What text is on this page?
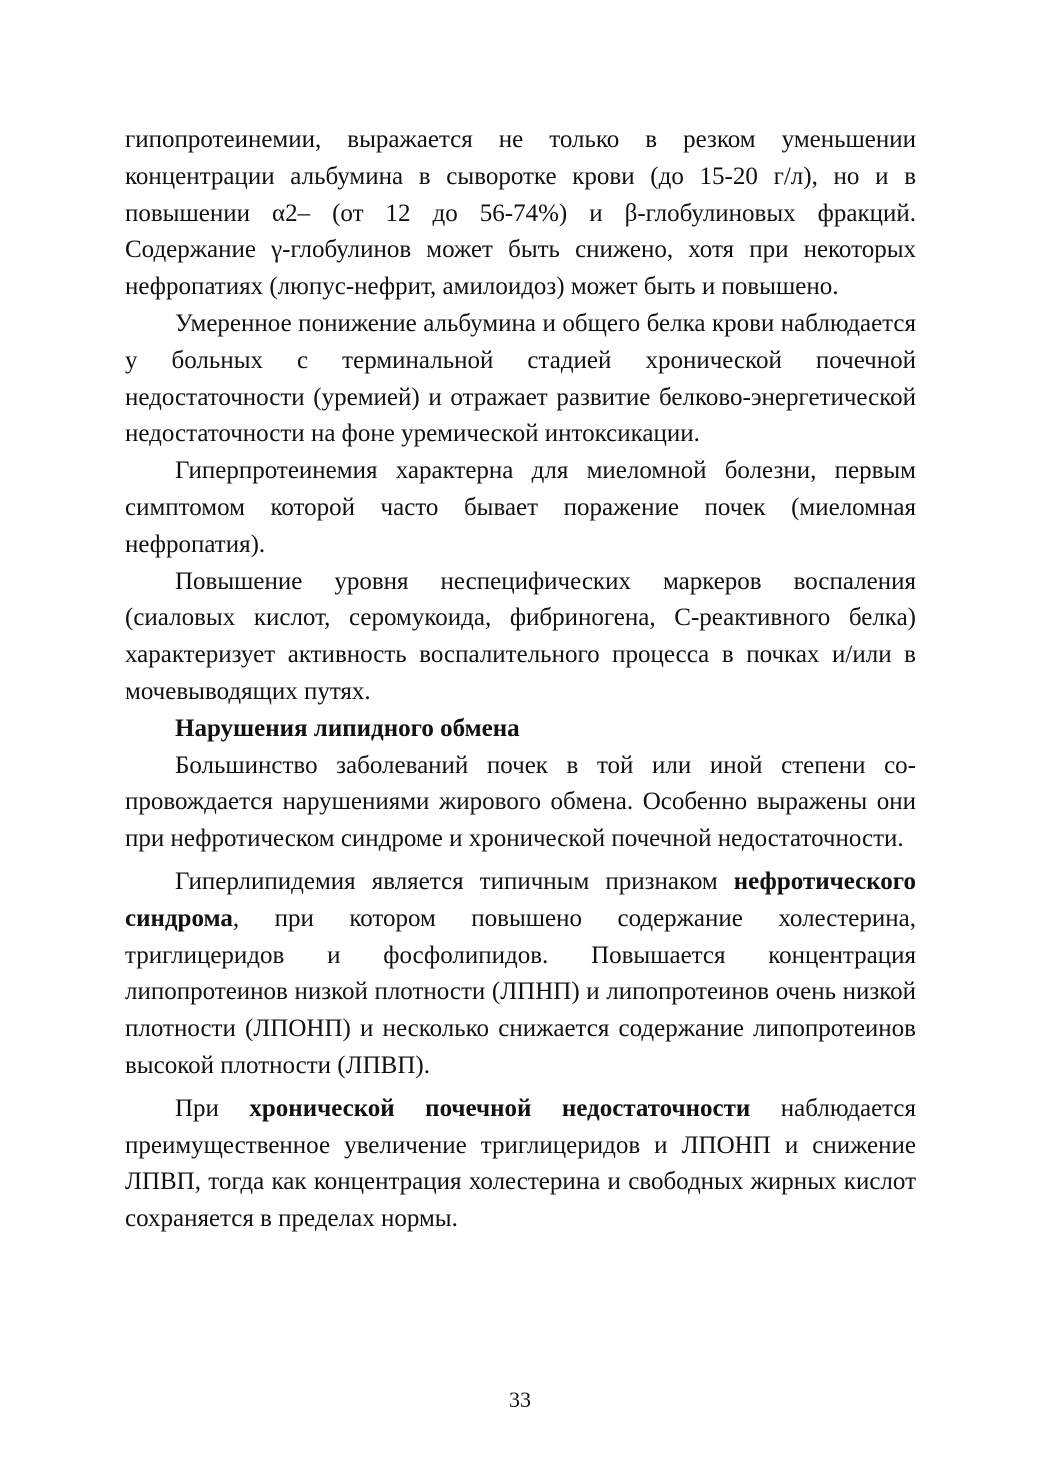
гипопротеинемии, выражается не только в резком уменьшении концентрации альбумина в сыворотке крови (до 15-20 г/л), но и в повышении α2– (от 12 до 56-74%) и β-глобулиновых фракций. Содержание γ-глобулинов может быть снижено, хотя при некоторых нефропатиях (люпус-нефрит, амилоидоз) может быть и повышено.

Умеренное понижение альбумина и общего белка крови наблюдается у больных с терминальной стадией хронической почечной недостаточности (уремией) и отражает развитие белково-энергетической недостаточности на фоне уремической интоксикации.

Гиперпротеинемия характерна для миеломной болезни, первым симптомом которой часто бывает поражение почек (миеломная нефропатия).

Повышение уровня неспецифических маркеров воспаления (сиаловых кислот, серомукоида, фибриногена, С-реактивного белка) характеризует активность воспалительного процесса в почках и/или в мочевыводящих путях.

Нарушения липидного обмена

Большинство заболеваний почек в той или иной степени сопровождается нарушениями жирового обмена. Особенно выражены они при нефротическом синдроме и хронической почечной недостаточности.

Гиперлипидемия является типичным признаком нефротического синдрома, при котором повышено содержание холестерина, триглицеридов и фосфолипидов. Повышается концентрация липопротеинов низкой плотности (ЛПНП) и липопротеинов очень низкой плотности (ЛПОНП) и несколько снижается содержание липопротеинов высокой плотности (ЛПВП).

При хронической почечной недостаточности наблюдается преимущественное увеличение триглицеридов и ЛПОНП и снижение ЛПВП, тогда как концентрация холестерина и свободных жирных кислот сохраняется в пределах нормы.

33
